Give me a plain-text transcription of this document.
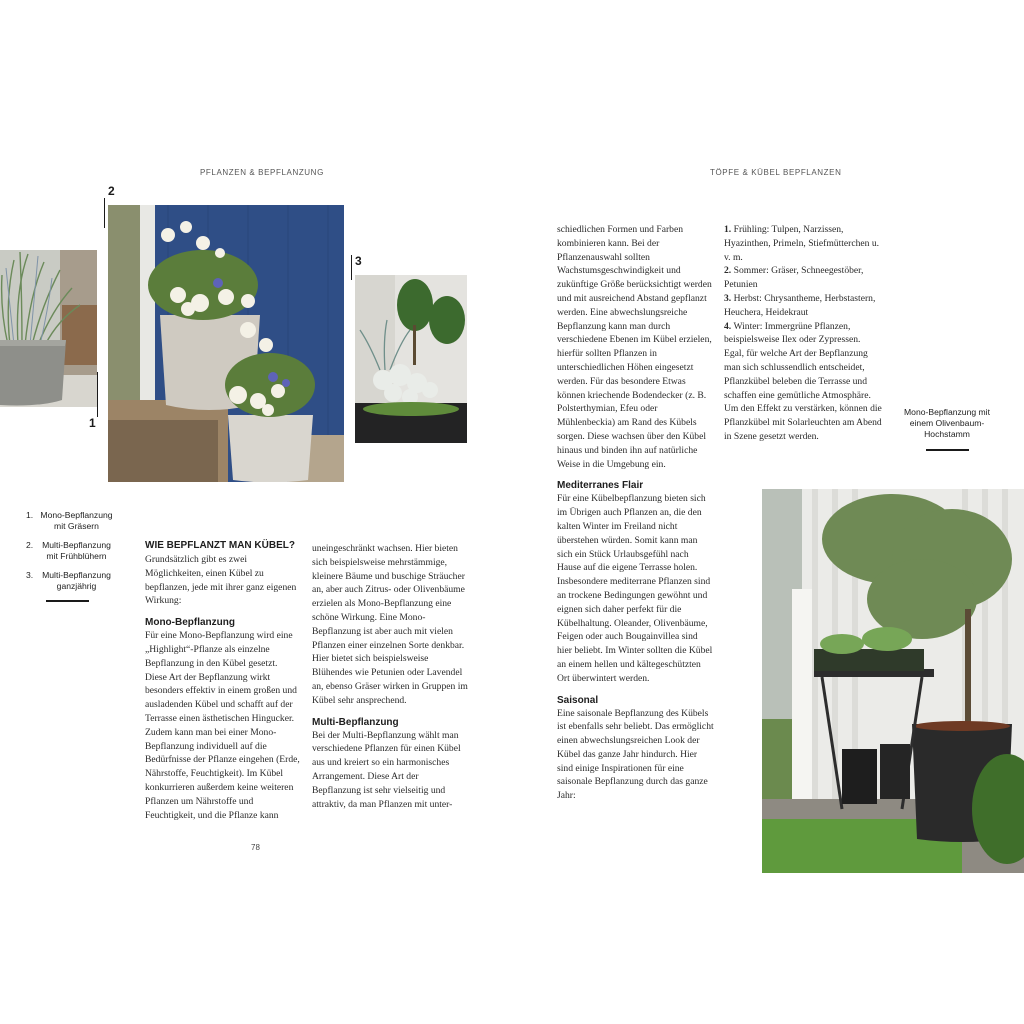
PFLANZEN & BEPFLANZUNG	TÖPFE & KÜBEL BEPFLANZEN
1
2
3
1. Mono-Bepflanzung mit Gräsern
2.	Multi-Bepflanzung mit Frühblühern
3.	Multi-Bepflanzung ganzjährig
WIE BEPFLANZT MAN KÜBEL?

Grundsätzlich gibt es zwei Möglichkeiten, einen Kübel zu bepflanzen, jede mit ihrer ganz eigenen Wirkung:

Mono-Bepflanzung

Für eine Mono-Bepflanzung wird eine „Highlight“-Pflanze als einzelne Bepflanzung in den Kübel gesetzt. Diese Art der Bepflanzung wirkt besonders effektiv in einem großen und ausladenden Kübel und schafft auf der Terrasse einen ästhetischen Hingucker. Zudem kann man bei einer Mono-Bepflanzung individuell auf die Bedürfnisse der Pflanze eingehen (Erde, Nährstoffe, Feuchtigkeit). Im Kübel konkurrieren außerdem keine weiteren Pflanzen um Nährstoffe und Feuchtigkeit, und die Pflanze kann

uneingeschränkt wachsen. Hier bieten sich beispielsweise mehrstämmige, kleinere Bäume und buschige Sträucher an, aber auch Zitrus- oder Olivenbäume erzielen als Mono-Bepflanzung eine schöne Wirkung. Eine Mono-Bepflanzung ist aber auch mit vielen Pflanzen einer einzelnen Sorte denkbar. Hier bietet sich beispielsweise Blühendes wie Petunien oder Lavendel an, ebenso Gräser wirken in Gruppen im Kübel sehr ansprechend.

Multi-Bepflanzung

Bei der Multi-Bepflanzung wählt man verschiedene Pflanzen für einen Kübel aus und kreiert so ein harmonisches Arrangement. Diese Art der Bepflanzung ist sehr vielseitig und attraktiv, da man Pflanzen mit unter-

78

schiedlichen Formen und Farben kombinieren kann. Bei der Pflanzenauswahl sollten Wachstumsgeschwindigkeit und zukünftige Größe berücksichtigt werden und mit ausreichend Abstand gepflanzt werden. Eine abwechslungsreiche Bepflanzung kann man durch verschiedene Ebenen im Kübel erzielen, hierfür sollten Pflanzen in unterschiedlichen Höhen eingesetzt werden. Für das besondere Etwas können kriechende Bodendecker (z. B. Polsterthymian, Efeu oder Mühlenbeckia) am Rand des Kübels sorgen. Diese wachsen über den Kübel hinaus und binden ihn auf natürliche Weise in die Umgebung ein.

Mediterranes Flair

Für eine Kübelbepflanzung bieten sich im Übrigen auch Pflanzen an, die den kalten Winter im Freiland nicht überstehen würden. Somit kann man sich ein Stück Urlaubsgefühl nach Hause auf die eigene Terrasse holen. Insbesondere mediterrane Pflanzen sind an trockene Bedingungen gewöhnt und eignen sich daher perfekt für die Kübelhaltung. Oleander, Olivenbäume, Feigen oder auch Bougainvillea sind hier beliebt. Im Winter sollten die Kübel an einem hellen und kältegeschützten Ort überwintert werden.

Saisonal

Eine saisonale Bepflanzung des Kübels ist ebenfalls sehr beliebt. Das ermöglicht einen abwechslungsreichen Look der Kübel das ganze Jahr hindurch. Hier sind einige Inspirationen für eine saisonale Bepflanzung durch das ganze Jahr:

1. Frühling: Tulpen, Narzissen, Hyazinthen, Primeln, Stiefmütterchen u. v. m.
2. Sommer: Gräser, Schneegestöber, Petunien
3. Herbst: Chrysanthemе, Herbstastern, Heuchera, Heidekraut
4. Winter: Immergrüne Pflanzen, beispielsweise Ilex oder Zypressen.

Egal, für welche Art der Bepflanzung man sich schlussendlich entscheidet, Pflanzkübel beleben die Terrasse und schaffen eine gemütliche Atmosphäre. Um den Effekt zu verstärken, können die Pflanzkübel mit Solarleuchten am Abend in Szene gesetzt werden.

Mono-Bepflanzung mit einem Olivenbaum-Hochstamm
